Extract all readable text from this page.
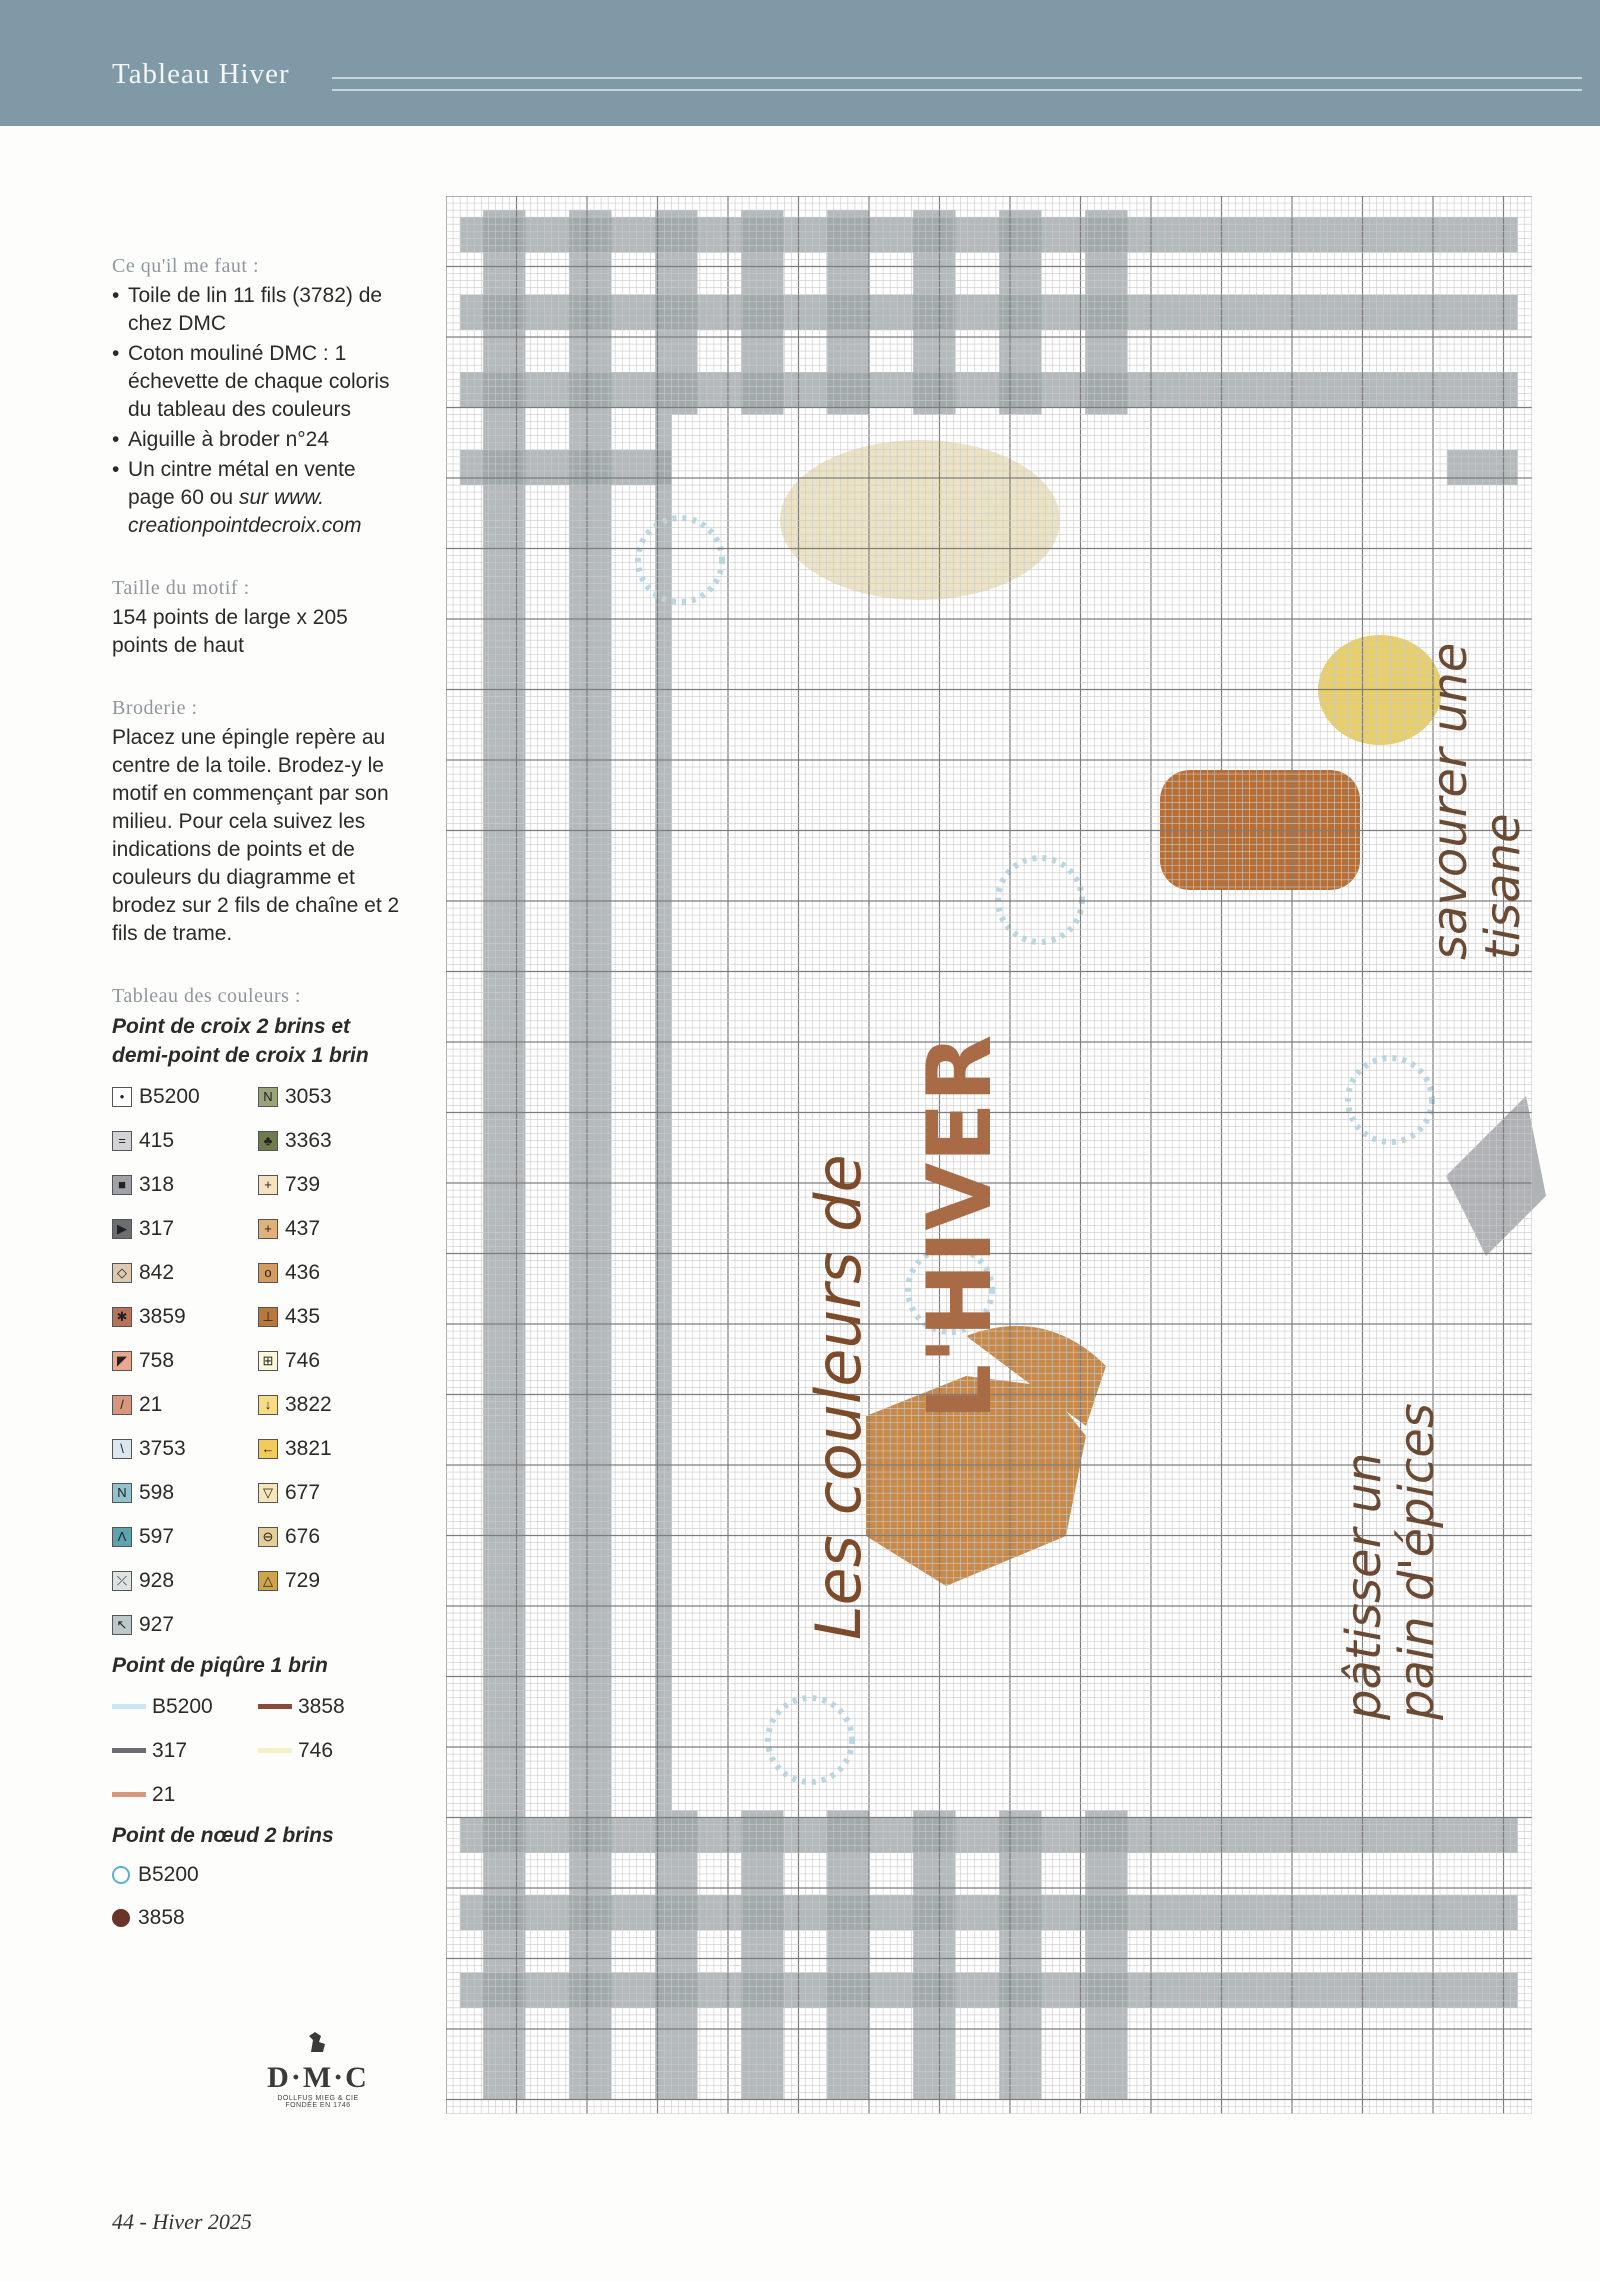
Tableau Hiver
Ce qu'il me faut :
• Toile de lin 11 fils (3782) de chez DMC
• Coton mouliné DMC : 1 échevette de chaque coloris du tableau des couleurs
• Aiguille à broder n°24
• Un cintre métal en vente page 60 ou sur www. creationpointdecroix.com
Taille du motif :
154 points de large x 205 points de haut
Broderie :
Placez une épingle repère au centre de la toile. Brodez-y le motif en commençant par son milieu. Pour cela suivez les indications de points et de couleurs du diagramme et brodez sur 2 fils de chaîne et 2 fils de trame.
Tableau des couleurs :
Point de croix 2 brins et demi-point de croix 1 brin
• B5200	N 3053
= 415	♣ 3363
■ 318	+ 739
▶ 317	+ 437
◇ 842	o 436
✱ 3859	⊥ 435
◤ 758	⊞ 746
/ 21	↓ 3822
\ 3753	← 3821
N 598	▽ 677
Λ 597	⊖ 676
⤫ 928	△ 729
↖ 927
Point de piqûre 1 brin
B5200	3858
317	746
21
Point de nœud 2 brins
B5200
3858
D·M·C
DOLLFUS MIEG & CIE
FONDÉE EN 1746
44 - Hiver 2025
Les couleurs de L'HIVER
savourer unetisane
pâtisser unpain d'épices
